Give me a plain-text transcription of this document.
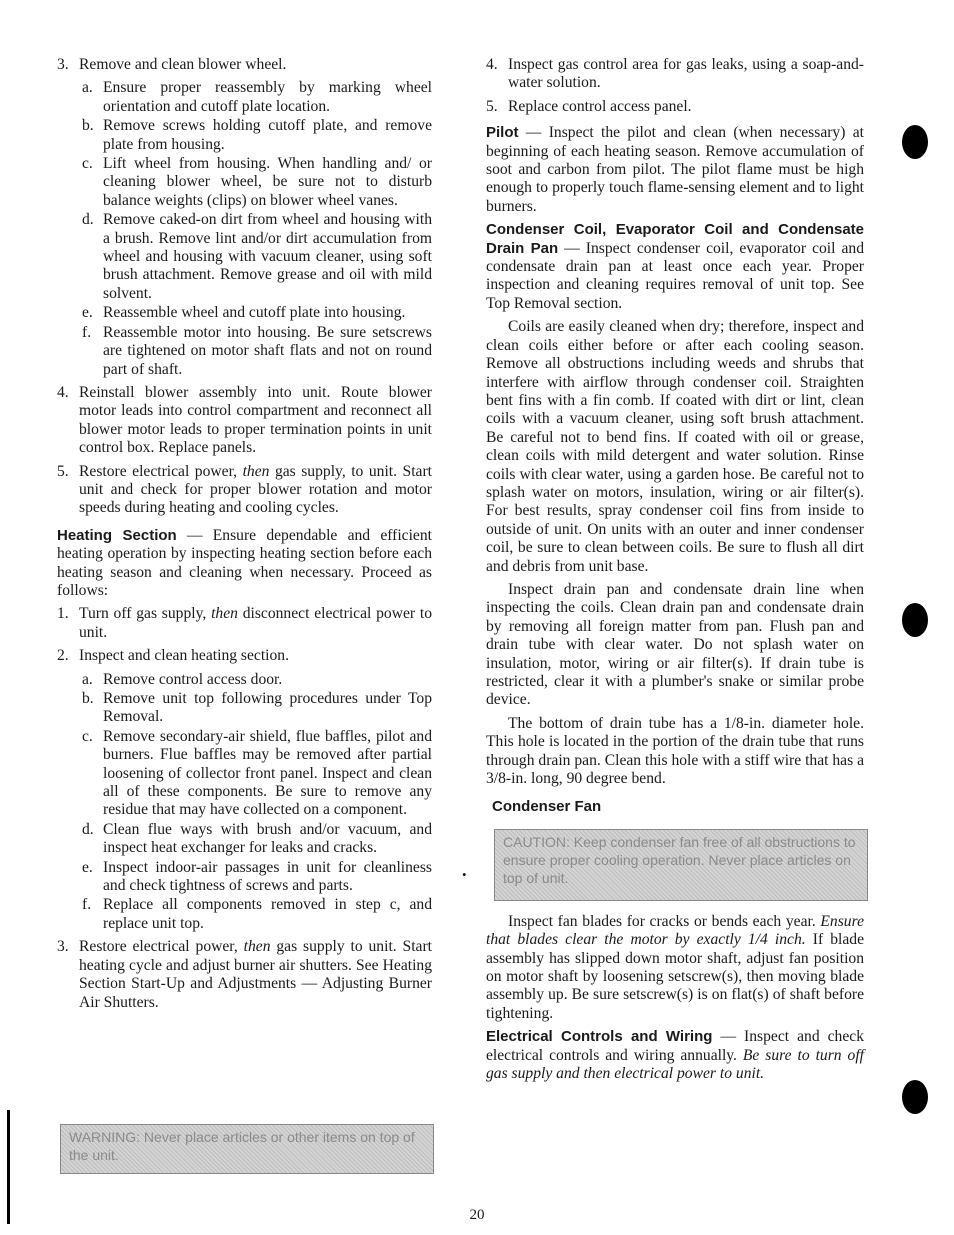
3. Remove and clean blower wheel.
a. Ensure proper reassembly by marking wheel orientation and cutoff plate location.
b. Remove screws holding cutoff plate, and remove plate from housing.
c. Lift wheel from housing. When handling and/ or cleaning blower wheel, be sure not to disturb balance weights (clips) on blower wheel vanes.
d. Remove caked-on dirt from wheel and housing with a brush. Remove lint and/or dirt accumulation from wheel and housing with vacuum cleaner, using soft brush attachment. Remove grease and oil with mild solvent.
e. Reassemble wheel and cutoff plate into housing.
f. Reassemble motor into housing. Be sure setscrews are tightened on motor shaft flats and not on round part of shaft.
4. Reinstall blower assembly into unit. Route blower motor leads into control compartment and reconnect all blower motor leads to proper termination points in unit control box. Replace panels.
5. Restore electrical power, then gas supply, to unit. Start unit and check for proper blower rotation and motor speeds during heating and cooling cycles.

Heating Section — Ensure dependable and efficient heating operation by inspecting heating section before each heating season and cleaning when necessary. Proceed as follows:

1. Turn off gas supply, then disconnect electrical power to unit.
2. Inspect and clean heating section.
a. Remove control access door.
b. Remove unit top following procedures under Top Removal.
c. Remove secondary-air shield, flue baffles, pilot and burners. Flue baffles may be removed after partial loosening of collector front panel. Inspect and clean all of these components. Be sure to remove any residue that may have collected on a component.
d. Clean flue ways with brush and/or vacuum, and inspect heat exchanger for leaks and cracks.
e. Inspect indoor-air passages in unit for cleanliness and check tightness of screws and parts.
f. Replace all components removed in step c, and replace unit top.
3. Restore electrical power, then gas supply to unit. Start heating cycle and adjust burner air shutters. See Heating Section Start-Up and Adjustments — Adjusting Burner Air Shutters.
WARNING: Never place articles or other items on top of the unit.
4. Inspect gas control area for gas leaks, using a soap-and-water solution.
5. Replace control access panel.

Pilot — Inspect the pilot and clean (when necessary) at beginning of each heating season. Remove accumulation of soot and carbon from pilot. The pilot flame must be high enough to properly touch flame-sensing element and to light burners.

Condenser Coil, Evaporator Coil and Condensate Drain Pan — Inspect condenser coil, evaporator coil and condensate drain pan at least once each year. Proper inspection and cleaning requires removal of unit top. See Top Removal section.

Coils are easily cleaned when dry; therefore, inspect and clean coils either before or after each cooling season. Remove all obstructions including weeds and shrubs that interfere with airflow through condenser coil. Straighten bent fins with a fin comb. If coated with dirt or lint, clean coils with a vacuum cleaner, using soft brush attachment. Be careful not to bend fins. If coated with oil or grease, clean coils with mild detergent and water solution. Rinse coils with clear water, using a garden hose. Be careful not to splash water on motors, insulation, wiring or air filter(s). For best results, spray condenser coil fins from inside to outside of unit. On units with an outer and inner condenser coil, be sure to clean between coils. Be sure to flush all dirt and debris from unit base.

Inspect drain pan and condensate drain line when inspecting the coils. Clean drain pan and condensate drain by removing all foreign matter from pan. Flush pan and drain tube with clear water. Do not splash water on insulation, motor, wiring or air filter(s). If drain tube is restricted, clear it with a plumber's snake or similar probe device.

The bottom of drain tube has a 1/8-in. diameter hole. This hole is located in the portion of the drain tube that runs through drain pan. Clean this hole with a stiff wire that has a 3/8-in. long, 90 degree bend.

Condenser Fan
CAUTION: Keep condenser fan free of all obstructions to ensure proper cooling operation. Never place articles on top of unit.

Inspect fan blades for cracks or bends each year. Ensure that blades clear the motor by exactly 1/4 inch. If blade assembly has slipped down motor shaft, adjust fan position on motor shaft by loosening setscrew(s), then moving blade assembly up. Be sure setscrew(s) is on flat(s) of shaft before tightening.

Electrical Controls and Wiring — Inspect and check electrical controls and wiring annually. Be sure to turn off gas supply and then electrical power to unit.

•
20
